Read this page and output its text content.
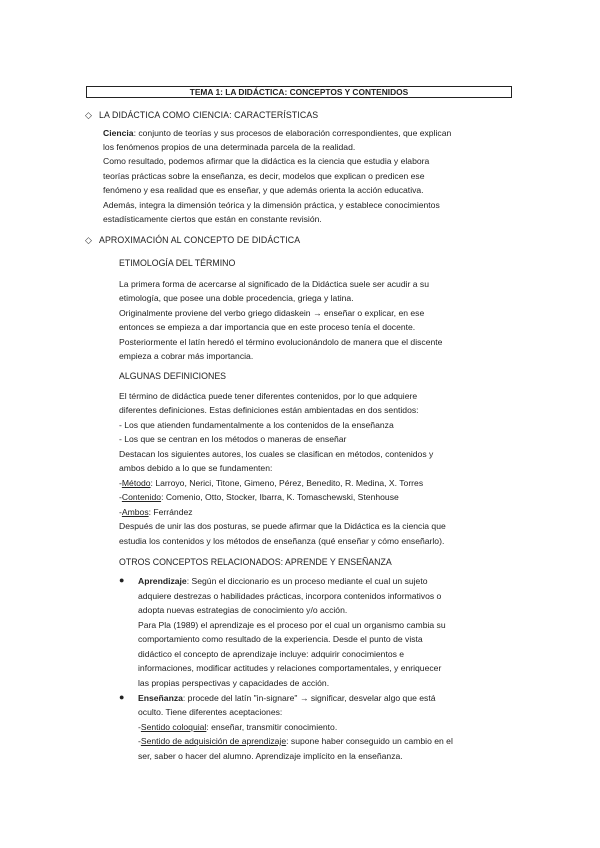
TEMA 1: LA DIDÁCTICA: CONCEPTOS Y CONTENIDOS
◇ LA DIDÁCTICA COMO CIENCIA: CARACTERÍSTICAS
Ciencia: conjunto de teorías y sus procesos de elaboración correspondientes, que explican
los fenómenos propios de una determinada parcela de la realidad.
Como resultado, podemos afirmar que la didáctica es la ciencia que estudia y elabora
teorías prácticas sobre la enseñanza, es decir, modelos que explican o predicen ese
fenómeno y esa realidad que es enseñar, y que además orienta la acción educativa.
Además, integra la dimensión teórica y la dimensión práctica, y establece conocimientos
estadísticamente ciertos que están en constante revisión.
◇ APROXIMACIÓN AL CONCEPTO DE DIDÁCTICA
ETIMOLOGÍA DEL TÉRMINO
La primera forma de acercarse al significado de la Didáctica suele ser acudir a su
etimología, que posee una doble procedencia, griega y latina.
Originalmente proviene del verbo griego didaskein → enseñar o explicar, en ese
entonces se empieza a dar importancia que en este proceso tenía el docente.
Posteriormente el latín heredó el término evolucionándolo de manera que el discente
empieza a cobrar más importancia.
ALGUNAS DEFINICIONES
El término de didáctica puede tener diferentes contenidos, por lo que adquiere
diferentes definiciones. Estas definiciones están ambientadas en dos sentidos:
- Los que atienden fundamentalmente a los contenidos de la enseñanza
- Los que se centran en los métodos o maneras de enseñar
Destacan los siguientes autores, los cuales se clasifican en métodos, contenidos y
ambos debido a lo que se fundamenten:
-Método: Larroyo, Nerici, Titone, Gimeno, Pérez, Benedito, R. Medina, X. Torres
-Contenido: Comenio, Otto, Stocker, Ibarra, K. Tomaschewski, Stenhouse
-Ambos: Ferrández
Después de unir las dos posturas, se puede afirmar que la Didáctica es la ciencia que
estudia los contenidos y los métodos de enseñanza (qué enseñar y cómo enseñarlo).
OTROS CONCEPTOS RELACIONADOS: APRENDE Y ENSEÑANZA
● Aprendizaje: Según el diccionario es un proceso mediante el cual un sujeto
adquiere destrezas o habilidades prácticas, incorpora contenidos informativos o
adopta nuevas estrategias de conocimiento y/o acción.
Para Pla (1989) el aprendizaje es el proceso por el cual un organismo cambia su
comportamiento como resultado de la experiencia. Desde el punto de vista
didáctico el concepto de aprendizaje incluye: adquirir conocimientos e
informaciones, modificar actitudes y relaciones comportamentales, y enriquecer
las propias perspectivas y capacidades de acción.
● Enseñanza: procede del latín "in-signare" → significar, desvelar algo que está
oculto. Tiene diferentes aceptaciones:
-Sentido coloquial: enseñar, transmitir conocimiento.
-Sentido de adquisición de aprendizaje: supone haber conseguido un cambio en el
ser, saber o hacer del alumno. Aprendizaje implícito en la enseñanza.
